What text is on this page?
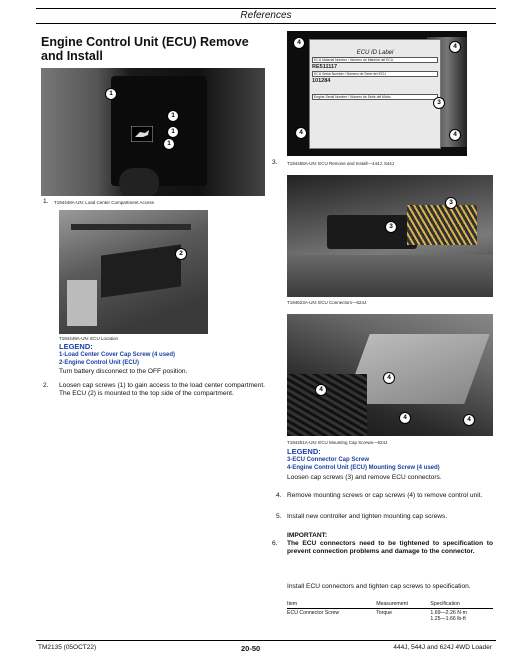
References
Engine Control Unit (ECU) Remove and Install
1
1
1
1
1. T194448A-UN: Load Center Compartment Access
2
T194449A-UN: ECU Location
LEGEND:
1-Load Center Cover Cap Screw (4 used)
2-Engine Control Unit (ECU)
Turn battery disconnect to the OFF position.
2. Loosen cap screws (1) to gain access to the load center compartment. The ECU (2) is mounted to the top side of the compartment.
ECU ID Label
ECU Material Number / Número de Material del ECU
RE511117
ECU Serial Number / Número de Serie del ECU
101284
Engine Serial Number / Número de Serie del Motor
4
4
3
4	4
3. T194458A-UN: ECU Remove and Install—444J, 544J
3
3
T194623A-UN: ECU Connectors—624J
4
4
4	4
T194451A-UN: ECU Mounting Cap Screws—624J
LEGEND:
3-ECU Connector Cap Screw
4-Engine Control Unit (ECU) Mounting Screw (4 used)
Loosen cap screws (3) and remove ECU connectors.
4. Remove mounting screws or cap screws (4) to remove control unit.
5. Install new controller and tighten mounting cap screws.
IMPORTANT:
6. The ECU connectors need to be tightened to specification to prevent connection problems and damage to the connector.
Install ECU connectors and tighten cap screws to specification.
Item	Measurement	Specification
ECU Connector Screw	Torque	1.69—2.26 N·m
1.25—1.66 lb-ft
TM2135 (05OCT22)	20-50	444J, 544J and 624J 4WD Loader
